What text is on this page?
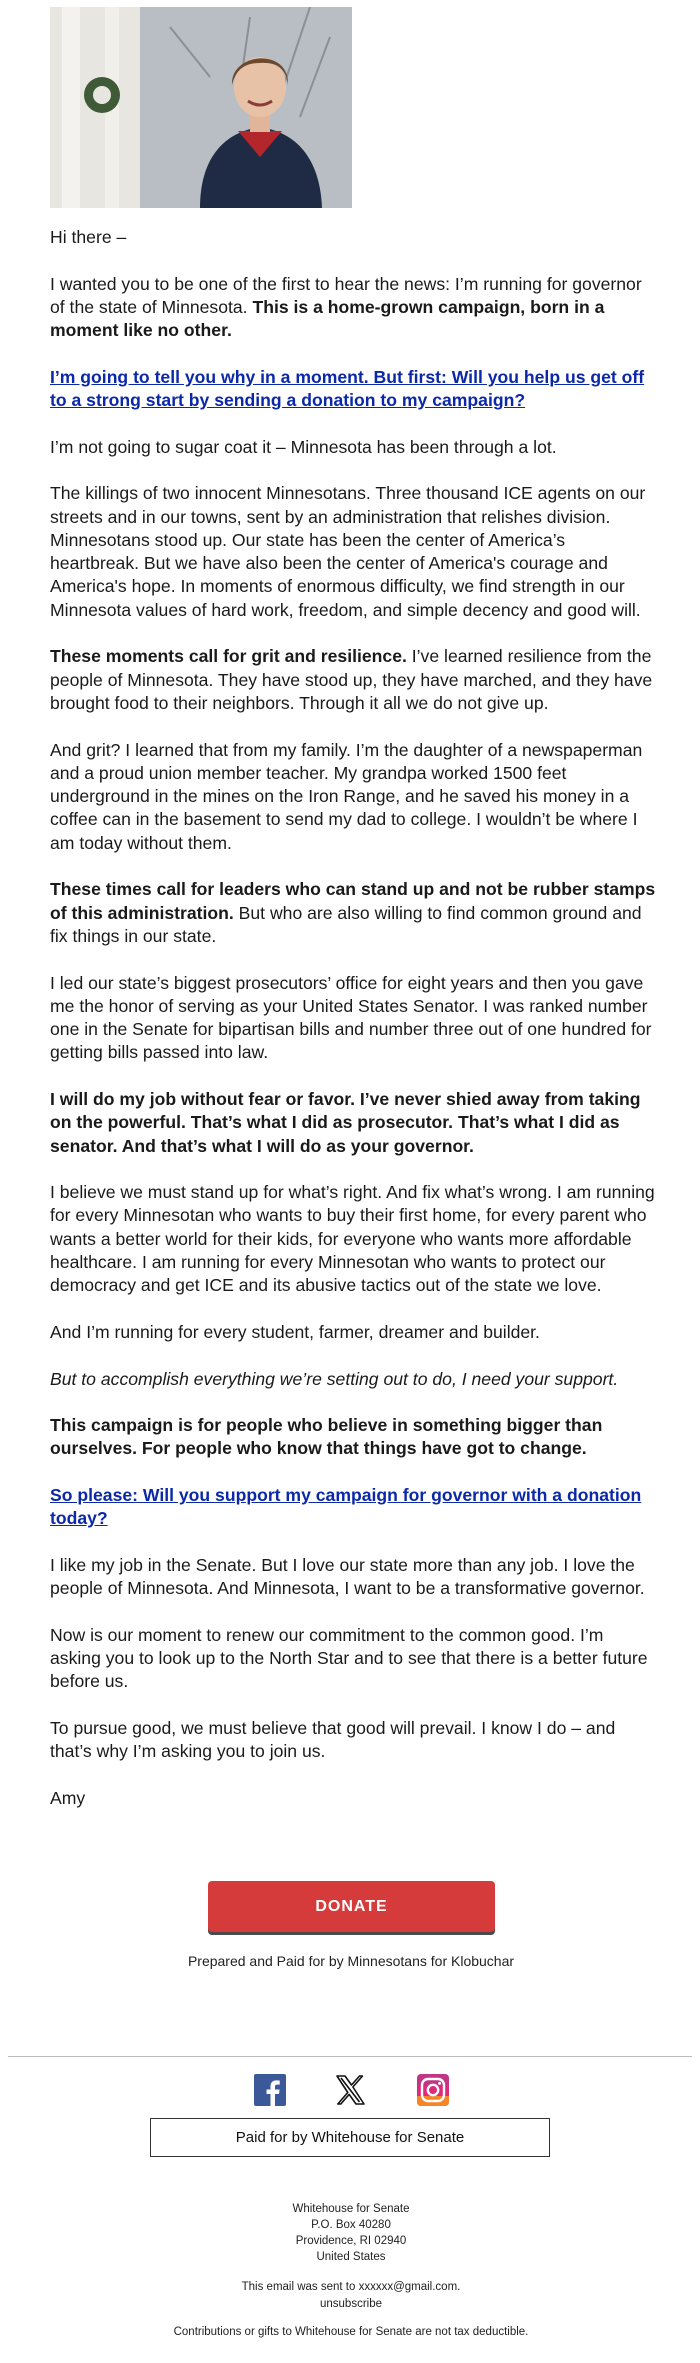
Hi there –

I wanted you to be one of the first to hear the news: I’m running for governor of the state of Minnesota. This is a home-grown campaign, born in a moment like no other.

I’m going to tell you why in a moment. But first: Will you help us get off to a strong start by sending a donation to my campaign?

I’m not going to sugar coat it – Minnesota has been through a lot.

The killings of two innocent Minnesotans. Three thousand ICE agents on our streets and in our towns, sent by an administration that relishes division. Minnesotans stood up. Our state has been the center of America’s heartbreak. But we have also been the center of America's courage and America's hope. In moments of enormous difficulty, we find strength in our Minnesota values of hard work, freedom, and simple decency and good will.

These moments call for grit and resilience. I’ve learned resilience from the people of Minnesota. They have stood up, they have marched, and they have brought food to their neighbors. Through it all we do not give up.

And grit? I learned that from my family. I’m the daughter of a newspaperman and a proud union member teacher. My grandpa worked 1500 feet underground in the mines on the Iron Range, and he saved his money in a coffee can in the basement to send my dad to college. I wouldn’t be where I am today without them.

These times call for leaders who can stand up and not be rubber stamps of this administration. But who are also willing to find common ground and fix things in our state.

I led our state’s biggest prosecutors’ office for eight years and then you gave me the honor of serving as your United States Senator. I was ranked number one in the Senate for bipartisan bills and number three out of one hundred for getting bills passed into law.

I will do my job without fear or favor. I’ve never shied away from taking on the powerful. That’s what I did as prosecutor. That’s what I did as senator. And that’s what I will do as your governor.

I believe we must stand up for what’s right. And fix what’s wrong. I am running for every Minnesotan who wants to buy their first home, for every parent who wants a better world for their kids, for everyone who wants more affordable healthcare. I am running for every Minnesotan who wants to protect our democracy and get ICE and its abusive tactics out of the state we love.

And I’m running for every student, farmer, dreamer and builder.

But to accomplish everything we’re setting out to do, I need your support.

This campaign is for people who believe in something bigger than ourselves. For people who know that things have got to change.

So please: Will you support my campaign for governor with a donation today?

I like my job in the Senate. But I love our state more than any job. I love the people of Minnesota. And Minnesota, I want to be a transformative governor.

Now is our moment to renew our commitment to the common good. I’m asking you to look up to the North Star and to see that there is a better future before us.

To pursue good, we must believe that good will prevail. I know I do – and that’s why I’m asking you to join us.

Amy

DONATE
Prepared and Paid for by Minnesotans for Klobuchar
Paid for by Whitehouse for Senate
Whitehouse for Senate
P.O. Box 40280
Providence, RI 02940
United States
This email was sent to xxxxxx@gmail.com.
unsubscribe
Contributions or gifts to Whitehouse for Senate are not tax deductible.
